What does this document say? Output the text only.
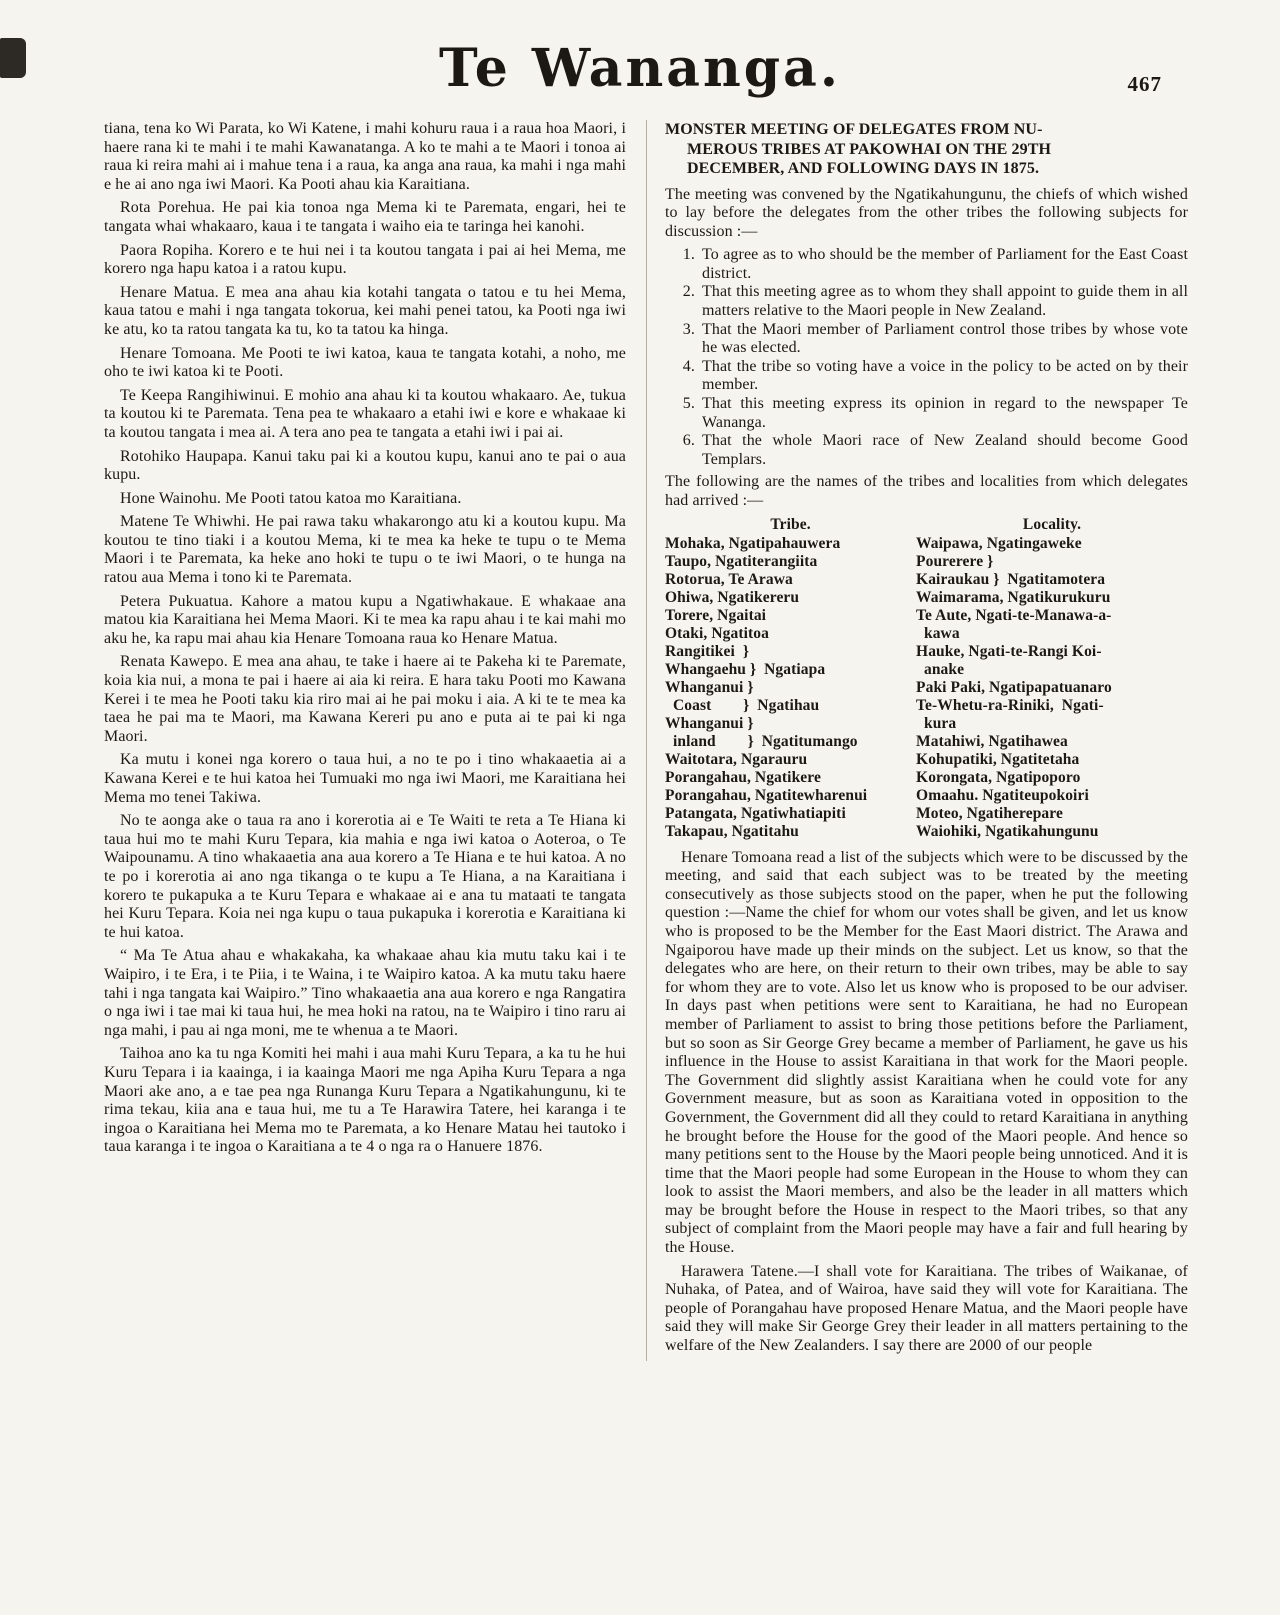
Te Wananga.	467

tiana, tena ko Wi Parata, ko Wi Katene, i mahi kohuru raua i a raua hoa Maori, i haere rana ki te mahi i te mahi Kawanatanga. A ko te mahi a te Maori i tonoa ai raua ki reira mahi ai i mahue tena i a raua, ka anga ana raua, ka mahi i nga mahi e he ai ano nga iwi Maori. Ka Pooti ahau kia Karaitiana.

Rota Porehua. He pai kia tonoa nga Mema ki te Paremata, engari, hei te tangata whai whakaaro, kaua i te tangata i waiho eia te taringa hei kanohi.

Paora Ropiha. Korero e te hui nei i ta koutou tangata i pai ai hei Mema, me korero nga hapu katoa i a ratou kupu.

Henare Matua. E mea ana ahau kia kotahi tangata o tatou e tu hei Mema, kaua tatou e mahi i nga tangata tokorua, kei mahi penei tatou, ka Pooti nga iwi ke atu, ko ta ratou tangata ka tu, ko ta tatou ka hinga.

Henare Tomoana. Me Pooti te iwi katoa, kaua te tangata kotahi, a noho, me oho te iwi katoa ki te Pooti.

Te Keepa Rangihiwinui. E mohio ana ahau ki ta koutou whakaaro. Ae, tukua ta koutou ki te Paremata. Tena pea te whakaaro a etahi iwi e kore e whakaae ki ta koutou tangata i mea ai. A tera ano pea te tangata a etahi iwi i pai ai.

Rotohiko Haupapa. Kanui taku pai ki a koutou kupu, kanui ano te pai o aua kupu.

Hone Wainohu. Me Pooti tatou katoa mo Karaitiana.

Matene Te Whiwhi. He pai rawa taku whakarongo atu ki a koutou kupu. Ma koutou te tino tiaki i a koutou Mema, ki te mea ka heke te tupu o te Mema Maori i te Paremata, ka heke ano hoki te tupu o te iwi Maori, o te hunga na ratou aua Mema i tono ki te Paremata.

Petera Pukuatua. Kahore a matou kupu a Ngatiwhakaue. E whakaae ana matou kia Karaitiana hei Mema Maori. Ki te mea ka rapu ahau i te kai mahi mo aku he, ka rapu mai ahau kia Henare Tomoana raua ko Henare Matua.

Renata Kawepo. E mea ana ahau, te take i haere ai te Pakeha ki te Paremate, koia kia nui, a mona te pai i haere ai aia ki reira. E hara taku Pooti mo Kawana Kerei i te mea he Pooti taku kia riro mai ai he pai moku i aia. A ki te te mea ka taea he pai ma te Maori, ma Kawana Kereri pu ano e puta ai te pai ki nga Maori.

Ka mutu i konei nga korero o taua hui, a no te po i tino whakaaetia ai a Kawana Kerei e te hui katoa hei Tumuaki mo nga iwi Maori, me Karaitiana hei Mema mo tenei Takiwa.

No te aonga ake o taua ra ano i korerotia ai e Te Waiti te reta a Te Hiana ki taua hui mo te mahi Kuru Tepara, kia mahia e nga iwi katoa o Aoteroa, o Te Waipounamu. A tino whakaaetia ana aua korero a Te Hiana e te hui katoa. A no te po i korerotia ai ano nga tikanga o te kupu a Te Hiana, a na Karaitiana i korero te pukapuka a te Kuru Tepara e whakaae ai e ana tu mataati te tangata hei Kuru Tepara. Koia nei nga kupu o taua pukapuka i korerotia e Karaitiana ki te hui katoa.

“ Ma Te Atua ahau e whakakaha, ka whakaae ahau kia mutu taku kai i te Waipiro, i te Era, i te Piia, i te Waina, i te Waipiro katoa. A ka mutu taku haere tahi i nga tangata kai Waipiro.” Tino whakaaetia ana aua korero e nga Rangatira o nga iwi i tae mai ki taua hui, he mea hoki na ratou, na te Waipiro i tino raru ai nga mahi, i pau ai nga moni, me te whenua a te Maori.

Taihoa ano ka tu nga Komiti hei mahi i aua mahi Kuru Tepara, a ka tu he hui Kuru Tepara i ia kaainga, i ia kaainga Maori me nga Apiha Kuru Tepara a nga Maori ake ano, a e tae pea nga Runanga Kuru Tepara a Ngatikahungunu, ki te rima tekau, kiia ana e taua hui, me tu a Te Harawira Tatere, hei karanga i te ingoa o Karaitiana hei Mema mo te Paremata, a ko Henare Matau hei tautoko i taua karanga i te ingoa o Karaitiana a te 4 o nga ra o Hanuere 1876.

MONSTER MEETING OF DELEGATES FROM NU-
MEROUS TRIBES AT PAKOWHAI ON THE 29TH
DECEMBER, AND FOLLOWING DAYS IN 1875.

The meeting was convened by the Ngatikahungunu, the chiefs of which wished to lay before the delegates from the other tribes the following subjects for discussion :—

1. To agree as to who should be the member of Parliament for the East Coast district.
2. That this meeting agree as to whom they shall appoint to guide them in all matters relative to the Maori people in New Zealand.
3. That the Maori member of Parliament control those tribes by whose vote he was elected.
4. That the tribe so voting have a voice in the policy to be acted on by their member.
5. That this meeting express its opinion in regard to the newspaper Te Wananga.
6. That the whole Maori race of New Zealand should become Good Templars.

The following are the names of the tribes and localities from which delegates had arrived :—

Tribe.	Locality.
Mohaka, Ngatipahauwera	Waipawa, Ngatingaweke
Taupo, Ngatiterangiita	Pourerere }
Rotorua, Te Arawa	Kairaukau }  Ngatitamotera
Ohiwa, Ngatikereru	Waimarama, Ngatikurukuru
Torere, Ngaitai	Te Aute, Ngati-te-Manawa-a-
Otaki, Ngatitoa	kawa
Rangitikei  }	Hauke, Ngati-te-Rangi Koi-
Whangaehu }  Ngatiapa	anake
Whanganui }	Paki Paki, Ngatipapatuanaro
Coast        }  Ngatihau	Te-Whetu-ra-Riniki,  Ngati-
Whanganui }	kura
inland        }  Ngatitumango	Matahiwi, Ngatihawea
Waitotara, Ngarauru	Kohupatiki, Ngatitetaha
Porangahau, Ngatikere	Korongata, Ngatipoporo
Porangahau, Ngatitewharenui	Omaahu. Ngatiteupokoiri
Patangata, Ngatiwhatiapiti	Moteo, Ngatiherepare
Takapau, Ngatitahu	Waiohiki, Ngatikahungunu

Henare Tomoana read a list of the subjects which were to be discussed by the meeting, and said that each subject was to be treated by the meeting consecutively as those subjects stood on the paper, when he put the following question :—Name the chief for whom our votes shall be given, and let us know who is proposed to be the Member for the East Maori district. The Arawa and Ngaiporou have made up their minds on the subject. Let us know, so that the delegates who are here, on their return to their own tribes, may be able to say for whom they are to vote. Also let us know who is proposed to be our adviser. In days past when petitions were sent to Karaitiana, he had no European member of Parliament to assist to bring those petitions before the Parliament, but so soon as Sir George Grey became a member of Parliament, he gave us his influence in the House to assist Karaitiana in that work for the Maori people. The Government did slightly assist Karaitiana when he could vote for any Government measure, but as soon as Karaitiana voted in opposition to the Government, the Government did all they could to retard Karaitiana in anything he brought before the House for the good of the Maori people. And hence so many petitions sent to the House by the Maori people being unnoticed. And it is time that the Maori people had some European in the House to whom they can look to assist the Maori members, and also be the leader in all matters which may be brought before the House in respect to the Maori tribes, so that any subject of complaint from the Maori people may have a fair and full hearing by the House.

Harawera Tatene.—I shall vote for Karaitiana. The tribes of Waikanae, of Nuhaka, of Patea, and of Wairoa, have said they will vote for Karaitiana. The people of Porangahau have proposed Henare Matua, and the Maori people have said they will make Sir George Grey their leader in all matters pertaining to the welfare of the New Zealanders. I say there are 2000 of our people
